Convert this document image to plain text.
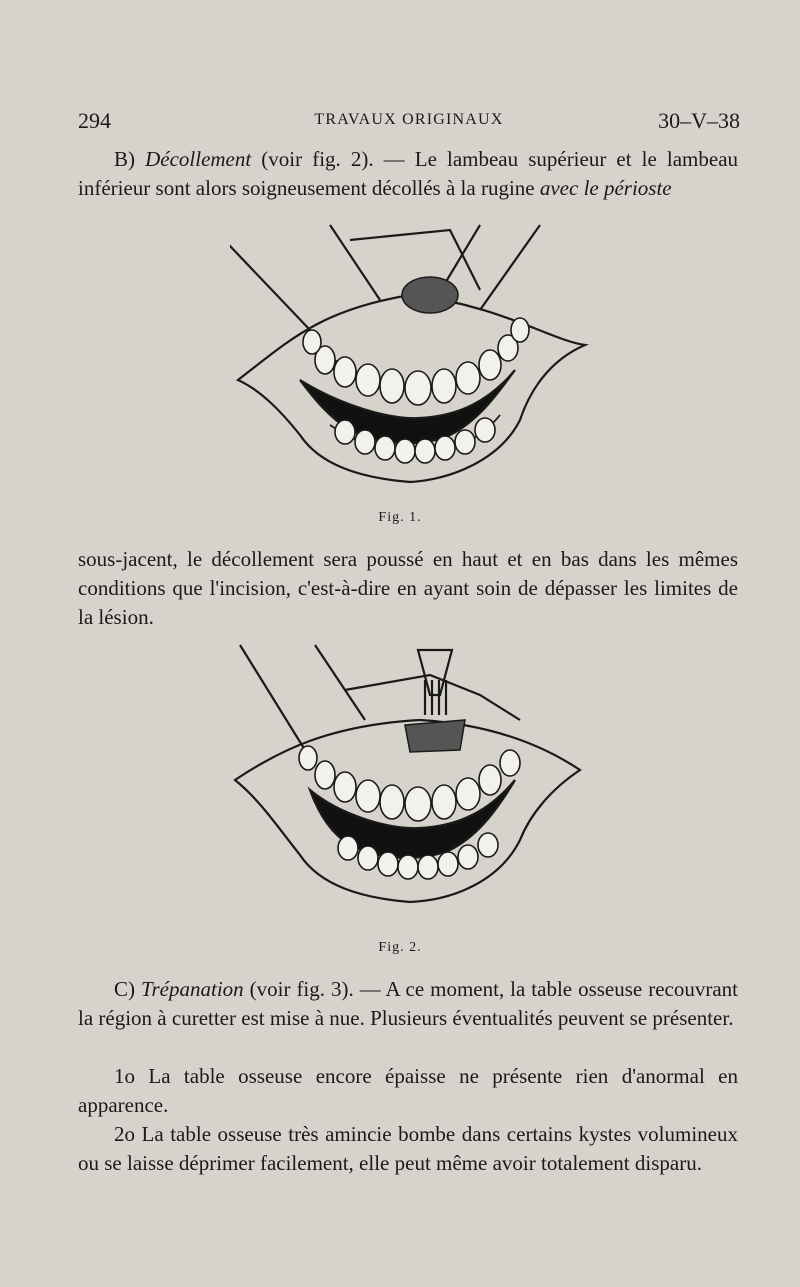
294	TRAVAUX ORIGINAUX	30–V–38

B) Décollement (voir fig. 2). — Le lambeau supérieur et le lambeau inférieur sont alors soigneusement décollés à la rugine avec le périoste

Fig. 1.

sous-jacent, le décollement sera poussé en haut et en bas dans les mêmes conditions que l'incision, c'est-à-dire en ayant soin de dépasser les limites de la lésion.

Fig. 2.

C) Trépanation (voir fig. 3). — A ce moment, la table osseuse recouvrant la région à curetter est mise à nue. Plusieurs éventualités peuvent se présenter.

1o La table osseuse encore épaisse ne présente rien d'anormal en apparence.

2o La table osseuse très amincie bombe dans certains kystes volumineux ou se laisse déprimer facilement, elle peut même avoir totalement disparu.
